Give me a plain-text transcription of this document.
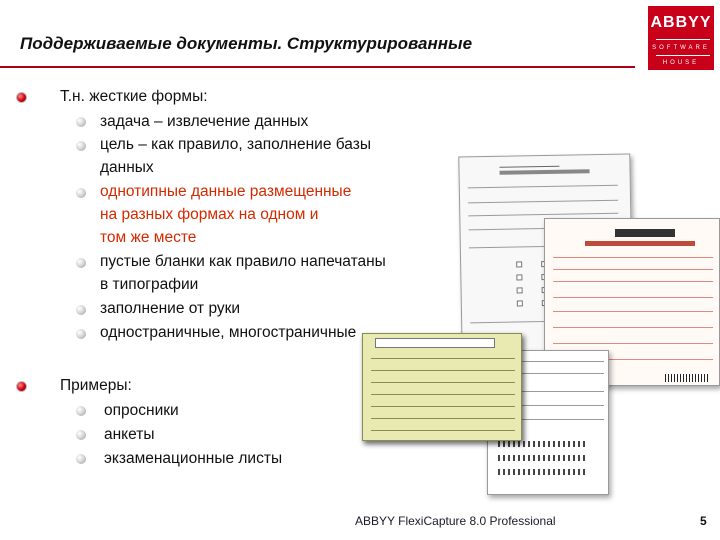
Поддерживаемые документы. Структурированные
ABBYY
SOFTWARE
HOUSE
Т.н. жесткие формы:
задача – извлечение данных
цель – как правило, заполнение базы
данных
однотипные данные размещенные
на разных формах на одном и
том же месте
пустые бланки как правило напечатаны
в типографии
заполнение от руки
одностраничные, многостраничные
Примеры:
опросники
анкеты
экзаменационные листы
ABBYY FlexiCapture 8.0 Professional	5
